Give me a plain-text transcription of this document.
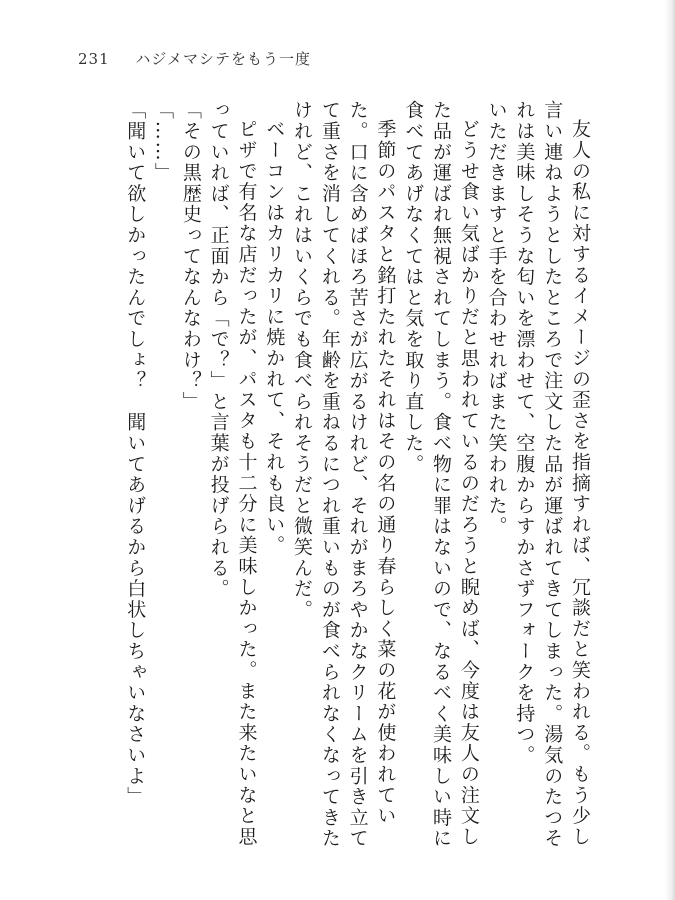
231 ハジメマシテをもう一度

友人の私に対するイメージの歪さを指摘すれば、冗談だと笑われる。もう少し言い連ねようとしたところで注文した品が運ばれてきてしまった。湯気のたつそれは美味しそうな匂いを漂わせて、空腹からすかさずフォークを持つ。

いただきますと手を合わせればまた笑われた。

どうせ食い気ばかりだと思われているのだろうと睨めば、今度は友人の注文した品が運ばれ無視されてしまう。食べ物に罪はないので、なるべく美味しい時に食べてあげなくてはと気を取り直した。

季節のパスタと銘打たれたそれはその名の通り春らしく菜の花が使われていた。口に含めばほろ苦さが広がるけれど、それがまろやかなクリームを引き立てて重さを消してくれる。年齢を重ねるにつれ重いものが食べられなくなってきたけれど、これはいくらでも食べられそうだと微笑んだ。

ベーコンはカリカリに焼かれて、それも良い。

ピザで有名な店だったが、パスタも十二分に美味しかった。また来たいなと思っていれば、正面から「で？」と言葉が投げられる。

「その黒歴史ってなんなわけ？」

「……」

「聞いて欲しかったんでしょ？　聞いてあげるから白状しちゃいなさいよ」
